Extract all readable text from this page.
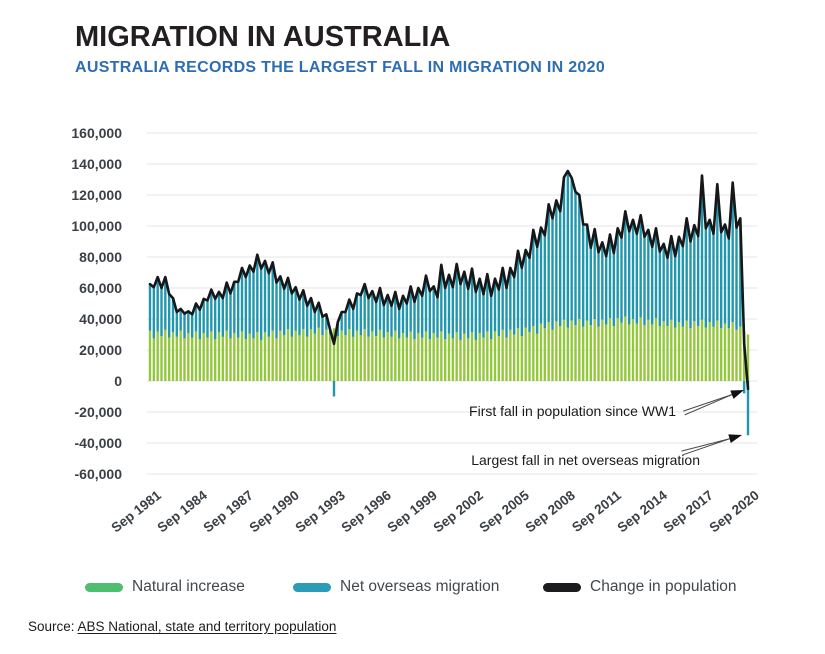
160,000
140,000
120,000
100,000
80,000
60,000
40,000
20,000
0
-20,000
-40,000
-60,000
Sep 1981
Sep 1984
Sep 1987
Sep 1990
Sep 1993
Sep 1996
Sep 1999
Sep 2002
Sep 2005
Sep 2008
Sep 2011
Sep 2014
Sep 2017
Sep 2020
MIGRATION IN AUSTRALIA
AUSTRALIA RECORDS THE LARGEST FALL IN MIGRATION IN 2020
First fall in population since WW1
Largest fall in net overseas migration
Natural increase	Net overseas migration	Change in population
Source: ABS National, state and territory population
